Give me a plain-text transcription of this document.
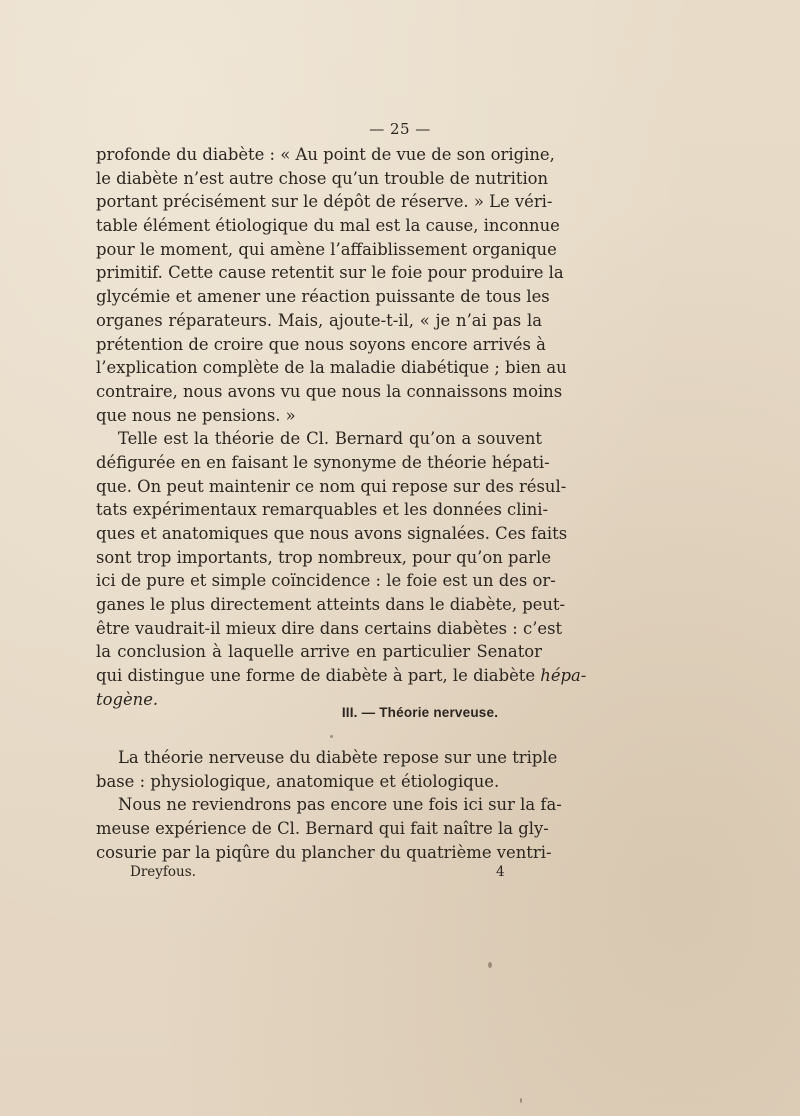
— 25 —
profonde du diabète : « Au point de vue de son origine,
le diabète n’est autre chose qu’un trouble de nutrition
portant précisément sur le dépôt de réserve. » Le véri-
table élément étiologique du mal est la cause, inconnue
pour le moment, qui amène l’affaiblissement organique
primitif. Cette cause retentit sur le foie pour produire la
glycémie et amener une réaction puissante de tous les
organes réparateurs. Mais, ajoute-t-il, « je n’ai pas la
prétention de croire que nous soyons encore arrivés à
l’explication complète de la maladie diabétique ; bien au
contraire, nous avons vu que nous la connaissons moins
que nous ne pensions. »
Telle est la théorie de Cl. Bernard qu’on a souvent
défigurée en en faisant le synonyme de théorie hépati-
que. On peut maintenir ce nom qui repose sur des résul-
tats expérimentaux remarquables et les données clini-
ques et anatomiques que nous avons signalées. Ces faits
sont trop importants, trop nombreux, pour qu’on parle
ici de pure et simple coïncidence : le foie est un des or-
ganes le plus directement atteints dans le diabète, peut-
être vaudrait-il mieux dire dans certains diabètes : c’est
la conclusion à laquelle arrive en particulier Senator
qui distingue une forme de diabète à part, le diabète hépa-
togène.
III. — Théorie nerveuse.
La théorie nerveuse du diabète repose sur une triple
base : physiologique, anatomique et étiologique.
Nous ne reviendrons pas encore une fois ici sur la fa-
meuse expérience de Cl. Bernard qui fait naître la gly-
cosurie par la piqûre du plancher du quatrième ventri-
Dreyfous.	4
